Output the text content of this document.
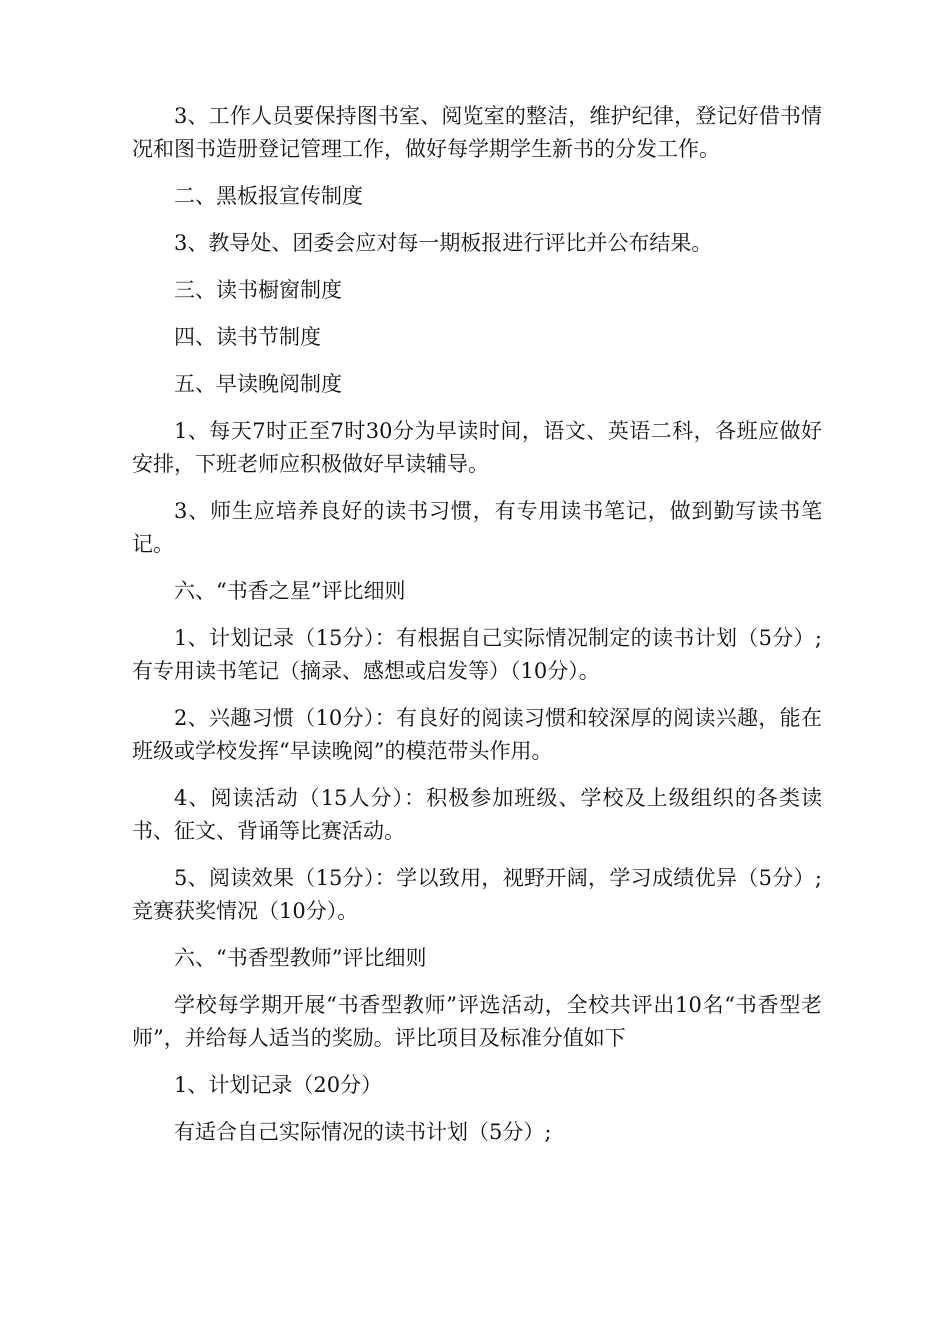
3、工作人员要保持图书室、阅览室的整洁，维护纪律，登记好借书情况和图书造册登记管理工作，做好每学期学生新书的分发工作。

二、黑板报宣传制度

3、教导处、团委会应对每一期板报进行评比并公布结果。

三、读书橱窗制度

四、读书节制度

五、早读晚阅制度

1、每天7时正至7时30分为早读时间，语文、英语二科，各班应做好安排，下班老师应积极做好早读辅导。

3、师生应培养良好的读书习惯，有专用读书笔记，做到勤写读书笔记。

六、“书香之星”评比细则

1、计划记录（15分）：有根据自己实际情况制定的读书计划（5分）;有专用读书笔记（摘录、感想或启发等）（10分）。

2、兴趣习惯（10分）：有良好的阅读习惯和较深厚的阅读兴趣，能在班级或学校发挥“早读晚阅”的模范带头作用。

4、阅读活动（15人分）：积极参加班级、学校及上级组织的各类读书、征文、背诵等比赛活动。

5、阅读效果（15分）：学以致用，视野开阔，学习成绩优异（5分）;竞赛获奖情况（10分）。

六、“书香型教师”评比细则

学校每学期开展“书香型教师”评选活动，全校共评出10名“书香型老师”，并给每人适当的奖励。评比项目及标准分值如下

1、计划记录（20分）

有适合自己实际情况的读书计划（5分）;
